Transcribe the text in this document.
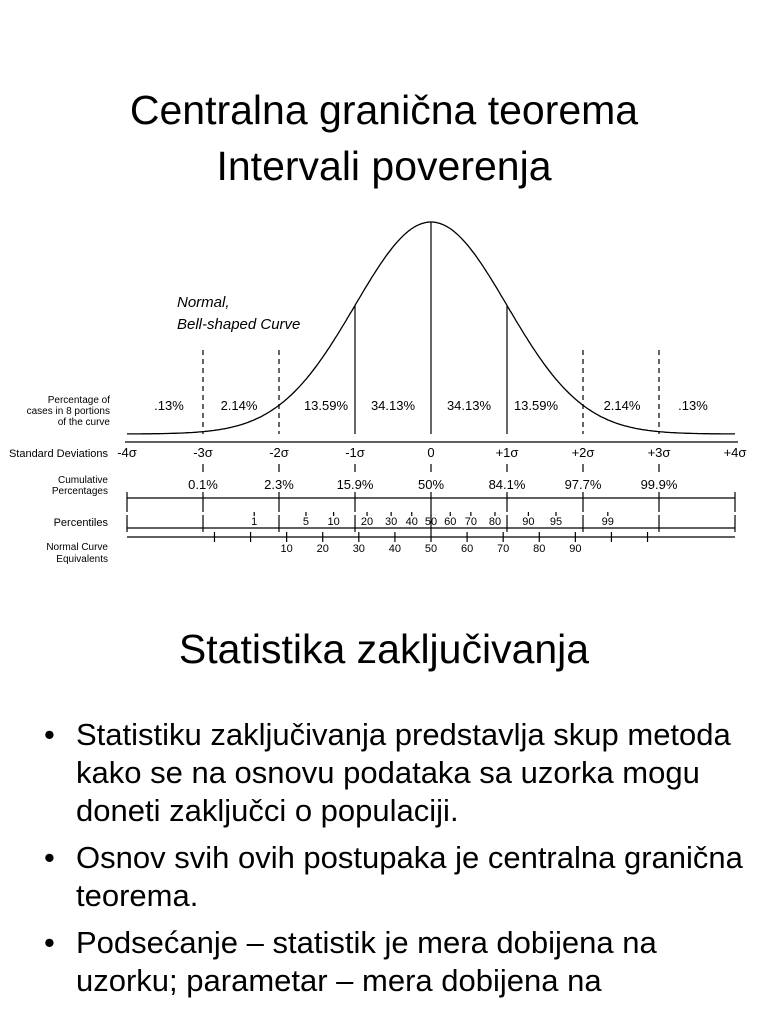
Centralna granična teorema
Intervali poverenja
Normal,
Bell-shaped Curve
.13%	2.14%	13.59% 34.13% 34.13% 13.59%	2.14%	.13%
-4σ	-3σ	-2σ	-1σ	0	+1σ	+2σ	+3σ	+4σ
0.1%	2.3%	15.9%	50%	84.1%	97.7%	99.9%
1	5 10 20 30 40 50 60 70 80 90 95	99
10 20 30 40 50 60 70 80 90
Percentage of
cases in 8 portions
of the curve
Standard Deviations
Cumulative
Percentages
Percentiles
Normal Curve
Equivalents
Statistika zaključivanja
• Statistiku zaključivanja predstavlja skup metoda kako se na osnovu podataka sa uzorka mogu doneti zaključci o populaciji.
• Osnov svih ovih postupaka je centralna granična teorema.
• Podsećanje – statistik je mera dobijena na uzorku; parametar – mera dobijena na
